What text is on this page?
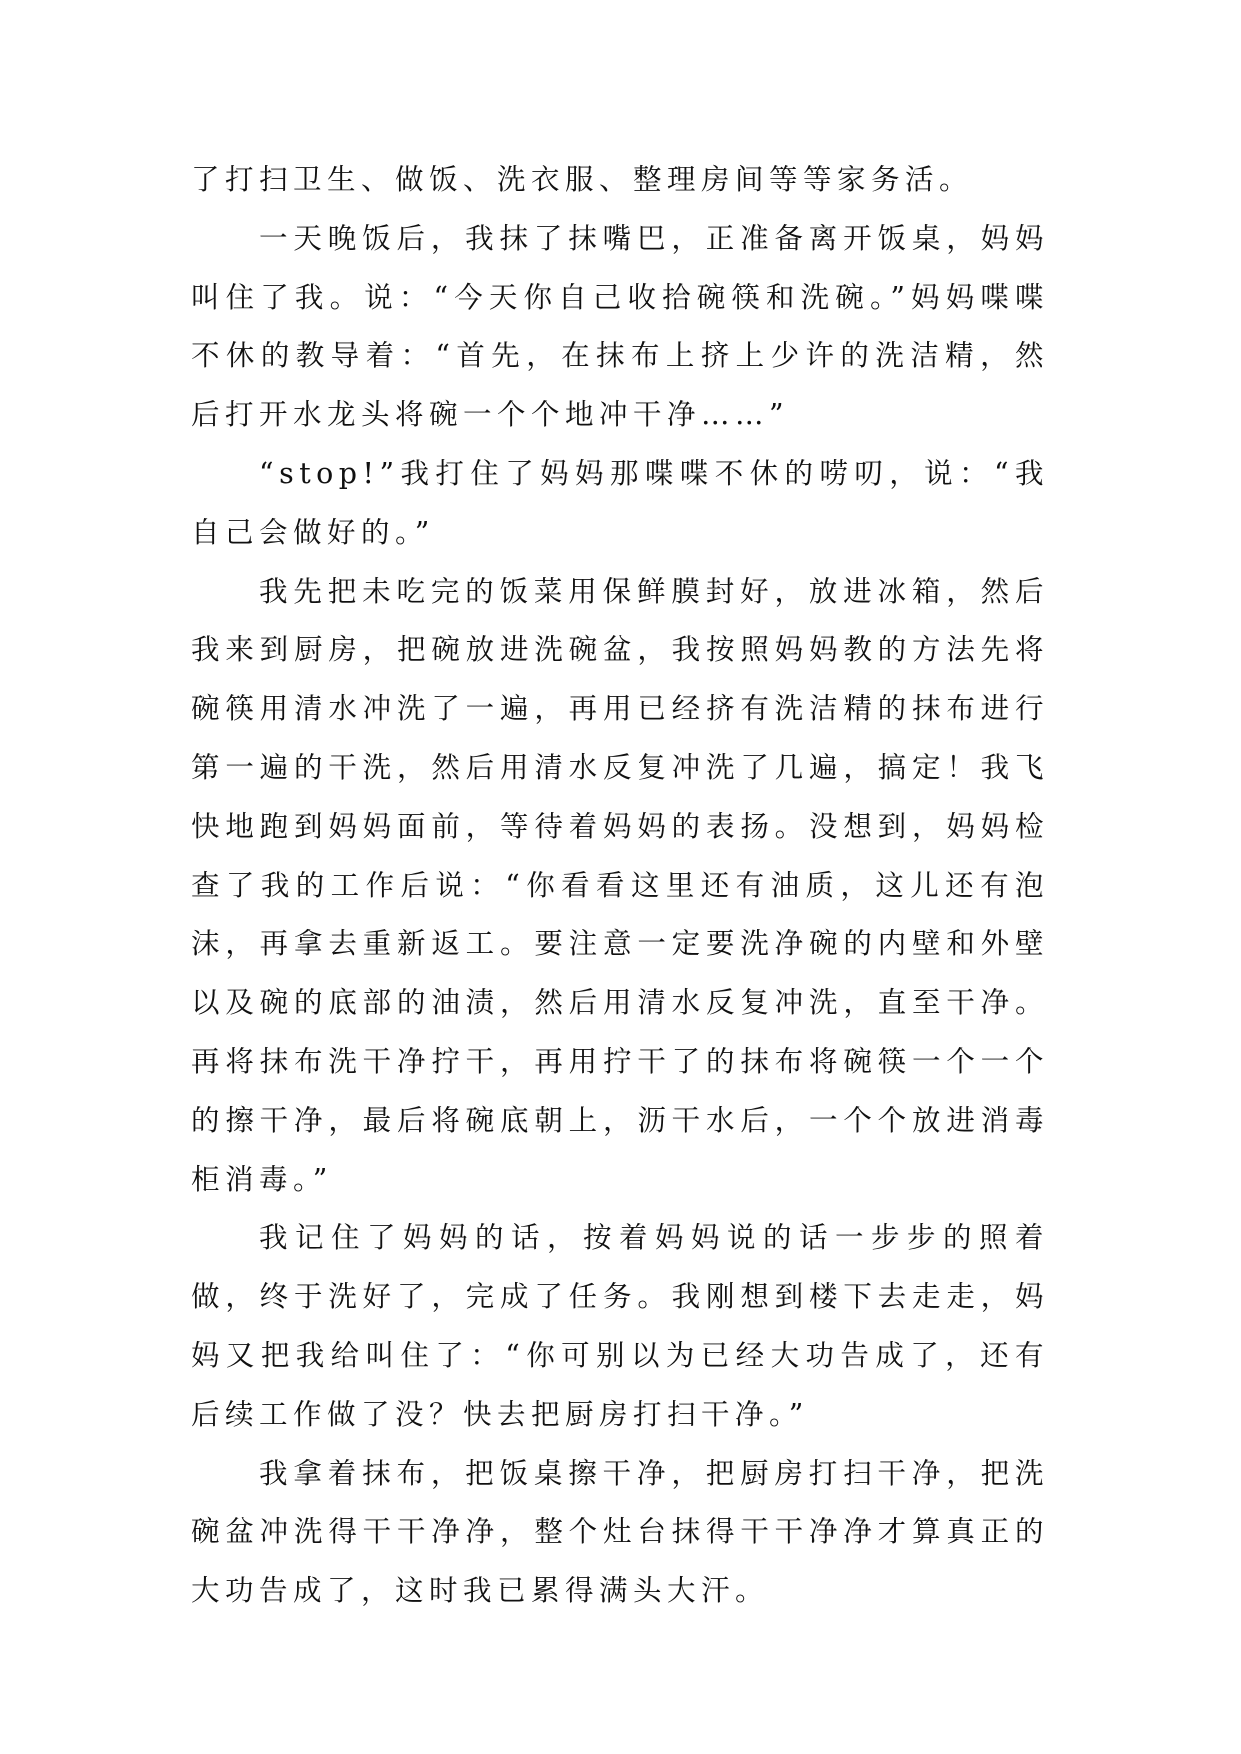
了打扫卫生、做饭、洗衣服、整理房间等等家务活。

一天晚饭后，我抹了抹嘴巴，正准备离开饭桌，妈妈叫住了我。说：“今天你自己收拾碗筷和洗碗。”妈妈喋喋不休的教导着：“首先，在抹布上挤上少许的洗洁精，然后打开水龙头将碗一个个地冲干净……”

“stop!”我打住了妈妈那喋喋不休的唠叨，说：“我自己会做好的。”

我先把未吃完的饭菜用保鲜膜封好，放进冰箱，然后我来到厨房，把碗放进洗碗盆，我按照妈妈教的方法先将碗筷用清水冲洗了一遍，再用已经挤有洗洁精的抹布进行第一遍的干洗，然后用清水反复冲洗了几遍，搞定！我飞快地跑到妈妈面前，等待着妈妈的表扬。没想到，妈妈检查了我的工作后说：“你看看这里还有油质，这儿还有泡沫，再拿去重新返工。要注意一定要洗净碗的内壁和外壁以及碗的底部的油渍，然后用清水反复冲洗，直至干净。再将抹布洗干净拧干，再用拧干了的抹布将碗筷一个一个的擦干净，最后将碗底朝上，沥干水后，一个个放进消毒柜消毒。”

我记住了妈妈的话，按着妈妈说的话一步步的照着做，终于洗好了，完成了任务。我刚想到楼下去走走，妈妈又把我给叫住了：“你可别以为已经大功告成了，还有后续工作做了没？快去把厨房打扫干净。”

我拿着抹布，把饭桌擦干净，把厨房打扫干净，把洗碗盆冲洗得干干净净，整个灶台抹得干干净净才算真正的大功告成了，这时我已累得满头大汗。
